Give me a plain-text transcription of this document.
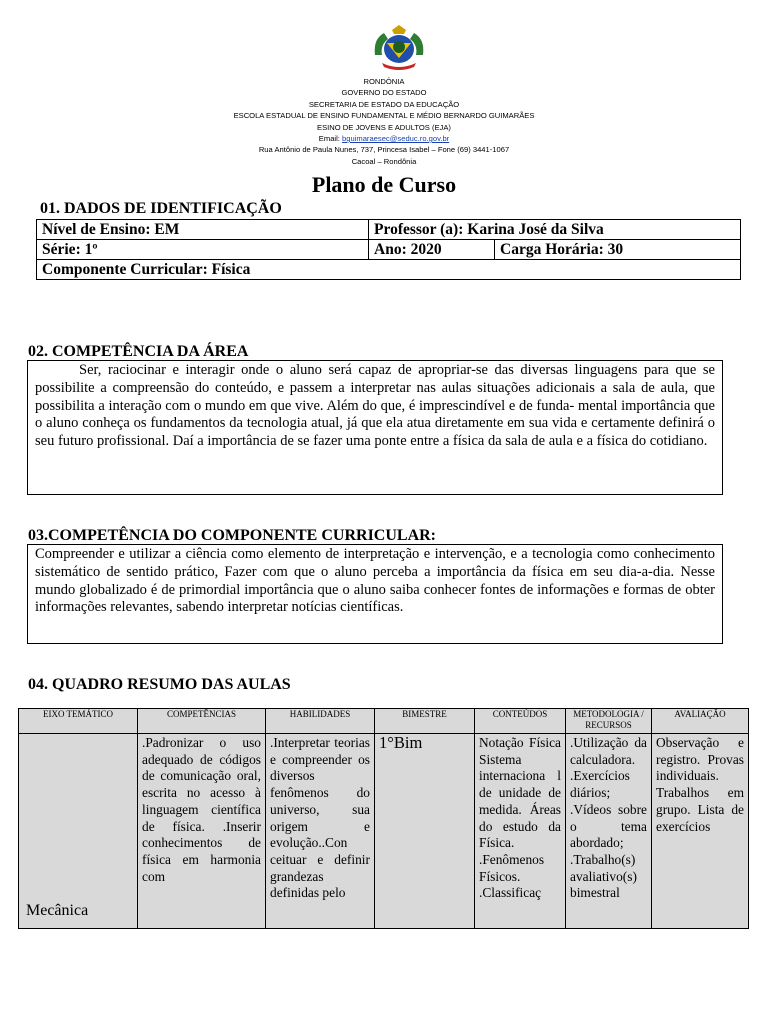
RONDÔNIA
GOVERNO DO ESTADO
SECRETARIA DE ESTADO DA EDUCAÇÃO
ESCOLA ESTADUAL DE ENSINO FUNDAMENTAL E MÉDIO BERNARDO GUIMARÃES
ESINO DE JOVENS E ADULTOS (EJA)
Email: bguimaraesec@seduc.ro.gov.br
Rua Antônio de Paula Nunes, 737, Princesa Isabel – Fone (69) 3441-1067
Cacoal – Rondônia
Plano de Curso
01. DADOS DE IDENTIFICAÇÃO
Nível de Ensino: EM	Professor (a): Karina José da Silva	
Série: 1º	Ano: 2020	Carga Horária: 30
Componente Curricular: Física		
02. COMPETÊNCIA DA ÁREA
Ser, raciocinar e interagir onde o aluno será capaz de apropriar-se das diversas linguagens para que se possibilite a compreensão do conteúdo, e passem a interpretar nas aulas situações adicionais a sala de aula, que possibilita a interação com o mundo em que vive. Além do que, é imprescindível e de funda- mental importância que o aluno conheça os fundamentos da tecnologia atual, já que ela atua diretamente em sua vida e certamente definirá o seu futuro profissional. Daí a importância de se fazer uma ponte entre a física da sala de aula e a física do cotidiano.
03.COMPETÊNCIA DO COMPONENTE CURRICULAR:
Compreender e utilizar a ciência como elemento de interpretação e intervenção, e a tecnologia como conhecimento sistemático de sentido prático, Fazer com que o aluno perceba a importância da física em seu dia-a-dia. Nesse mundo globalizado é de primordial importância que o aluno saiba conhecer fontes de informações e formas de obter informações relevantes, sabendo interpretar notícias científicas.
04. QUADRO RESUMO DAS AULAS
EIXO TEMÁTICO	COMPETÊNCIAS	HABILIDADES	BIMESTRE	CONTEÚDOS	METODOLOGIA / RECURSOS	AVALIAÇÃO

Mecânica	.Padronizar o uso adequado de códigos de comunicação oral, escrita no acesso à linguagem científica de física. .Inserir conhecimentos de física em harmonia com	.Interpretar teorias e compreender os diversos fenômenos do universo, sua origem e evolução..Con ceituar e definir grandezas definidas pelo	1°Bim	Notação Física Sistema internaciona l de unidade de medida. Áreas do estudo da Física. .Fenômenos Físicos. .Classificaç	.Utilização da calculadora. .Exercícios diários; .Vídeos sobre o tema abordado; .Trabalho(s) avaliativo(s) bimestral	Observação e registro. Provas individuais. Trabalhos em grupo. Lista de exercícios
